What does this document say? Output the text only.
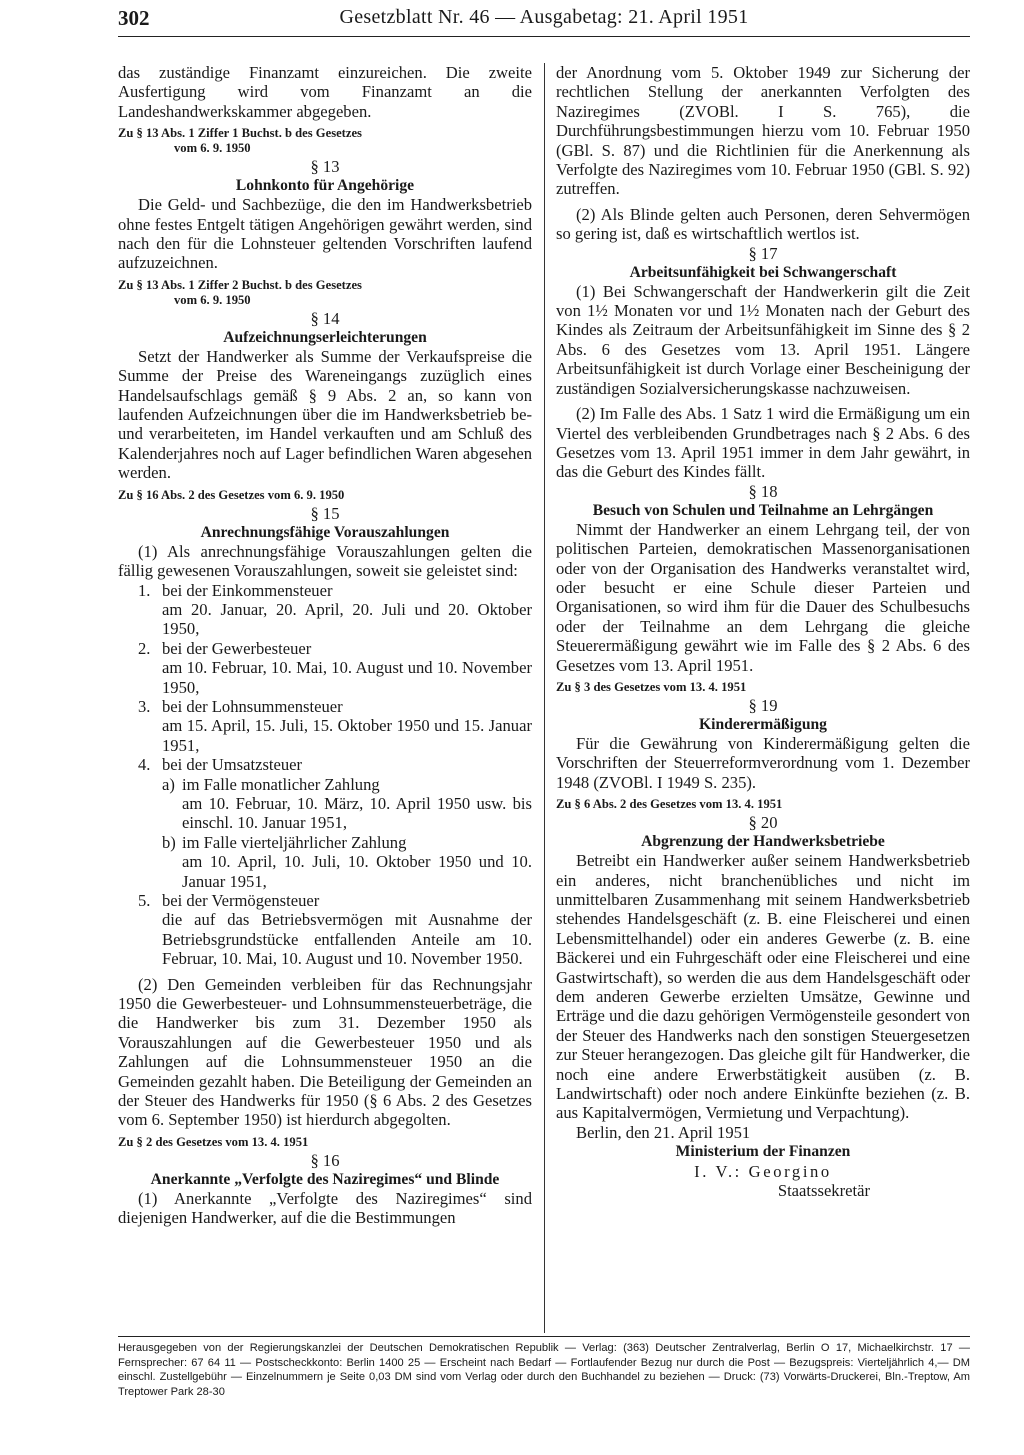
302	Gesetzblatt Nr. 46 — Ausgabetag: 21. April 1951

das zuständige Finanzamt einzureichen. Die zweite Ausfertigung wird vom Finanzamt an die Landeshandwerkskammer abgegeben.

Zu § 13 Abs. 1 Ziffer 1 Buchst. b des Gesetzes
vom 6. 9. 1950

§ 13

Lohnkonto für Angehörige

Die Geld- und Sachbezüge, die den im Handwerksbetrieb ohne festes Entgelt tätigen Angehörigen gewährt werden, sind nach den für die Lohnsteuer geltenden Vorschriften laufend aufzuzeichnen.

Zu § 13 Abs. 1 Ziffer 2 Buchst. b des Gesetzes
vom 6. 9. 1950

§ 14

Aufzeichnungserleichterungen

Setzt der Handwerker als Summe der Verkaufspreise die Summe der Preise des Wareneingangs zuzüglich eines Handelsaufschlags gemäß § 9 Abs. 2 an, so kann von laufenden Aufzeichnungen über die im Handwerksbetrieb be- und verarbeiteten, im Handel verkauften und am Schluß des Kalenderjahres noch auf Lager befindlichen Waren abgesehen werden.

Zu § 16 Abs. 2 des Gesetzes vom 6. 9. 1950

§ 15

Anrechnungsfähige Vorauszahlungen

(1) Als anrechnungsfähige Vorauszahlungen gelten die fällig gewesenen Vorauszahlungen, soweit sie geleistet sind:

1. bei der Einkommensteuer

am 20. Januar, 20. April, 20. Juli und 20. Oktober 1950,

2. bei der Gewerbesteuer

am 10. Februar, 10. Mai, 10. August und 10. November 1950,

3. bei der Lohnsummensteuer

am 15. April, 15. Juli, 15. Oktober 1950 und 15. Januar 1951,

4. bei der Umsatzsteuer

a) im Falle monatlicher Zahlung

am 10. Februar, 10. März, 10. April 1950 usw. bis einschl. 10. Januar 1951,

b) im Falle vierteljährlicher Zahlung

am 10. April, 10. Juli, 10. Oktober 1950 und 10. Januar 1951,

5. bei der Vermögensteuer

die auf das Betriebsvermögen mit Ausnahme der Betriebsgrundstücke entfallenden Anteile am 10. Februar, 10. Mai, 10. August und 10. November 1950.

(2) Den Gemeinden verbleiben für das Rechnungsjahr 1950 die Gewerbesteuer- und Lohnsummensteuerbeträge, die die Handwerker bis zum 31. Dezember 1950 als Vorauszahlungen auf die Gewerbesteuer 1950 und als Zahlungen auf die Lohnsummensteuer 1950 an die Gemeinden gezahlt haben. Die Beteiligung der Gemeinden an der Steuer des Handwerks für 1950 (§ 6 Abs. 2 des Gesetzes vom 6. September 1950) ist hierdurch abgegolten.

Zu § 2 des Gesetzes vom 13. 4. 1951

§ 16

Anerkannte „Verfolgte des Naziregimes“ und Blinde

(1) Anerkannte „Verfolgte des Naziregimes“ sind diejenigen Handwerker, auf die die Bestimmungen

der Anordnung vom 5. Oktober 1949 zur Sicherung der rechtlichen Stellung der anerkannten Verfolgten des Naziregimes (ZVOBl. I S. 765), die Durchführungsbestimmungen hierzu vom 10. Februar 1950 (GBl. S. 87) und die Richtlinien für die Anerkennung als Verfolgte des Naziregimes vom 10. Februar 1950 (GBl. S. 92) zutreffen.

(2) Als Blinde gelten auch Personen, deren Sehvermögen so gering ist, daß es wirtschaftlich wertlos ist.

§ 17

Arbeitsunfähigkeit bei Schwangerschaft

(1) Bei Schwangerschaft der Handwerkerin gilt die Zeit von 1½ Monaten vor und 1½ Monaten nach der Geburt des Kindes als Zeitraum der Arbeitsunfähigkeit im Sinne des § 2 Abs. 6 des Gesetzes vom 13. April 1951. Längere Arbeitsunfähigkeit ist durch Vorlage einer Bescheinigung der zuständigen Sozialversicherungskasse nachzuweisen.

(2) Im Falle des Abs. 1 Satz 1 wird die Ermäßigung um ein Viertel des verbleibenden Grundbetrages nach § 2 Abs. 6 des Gesetzes vom 13. April 1951 immer in dem Jahr gewährt, in das die Geburt des Kindes fällt.

§ 18

Besuch von Schulen und Teilnahme an Lehrgängen

Nimmt der Handwerker an einem Lehrgang teil, der von politischen Parteien, demokratischen Massenorganisationen oder von der Organisation des Handwerks veranstaltet wird, oder besucht er eine Schule dieser Parteien und Organisationen, so wird ihm für die Dauer des Schulbesuchs oder der Teilnahme an dem Lehrgang die gleiche Steuerermäßigung gewährt wie im Falle des § 2 Abs. 6 des Gesetzes vom 13. April 1951.

Zu § 3 des Gesetzes vom 13. 4. 1951

§ 19

Kinderermäßigung

Für die Gewährung von Kinderermäßigung gelten die Vorschriften der Steuerreformverordnung vom 1. Dezember 1948 (ZVOBl. I 1949 S. 235).

Zu § 6 Abs. 2 des Gesetzes vom 13. 4. 1951

§ 20

Abgrenzung der Handwerksbetriebe

Betreibt ein Handwerker außer seinem Handwerksbetrieb ein anderes, nicht branchenübliches und nicht im unmittelbaren Zusammenhang mit seinem Handwerksbetrieb stehendes Handelsgeschäft (z. B. eine Fleischerei und einen Lebensmittelhandel) oder ein anderes Gewerbe (z. B. eine Bäckerei und ein Fuhrgeschäft oder eine Fleischerei und eine Gastwirtschaft), so werden die aus dem Handelsgeschäft oder dem anderen Gewerbe erzielten Umsätze, Gewinne und Erträge und die dazu gehörigen Vermögensteile gesondert von der Steuer des Handwerks nach den sonstigen Steuergesetzen zur Steuer herangezogen. Das gleiche gilt für Handwerker, die noch eine andere Erwerbstätigkeit ausüben (z. B. Landwirtschaft) oder noch andere Einkünfte beziehen (z. B. aus Kapitalvermögen, Vermietung und Verpachtung).

Berlin, den 21. April 1951

Ministerium der Finanzen

I. V.: Georgino

Staatssekretär

Herausgegeben von der Regierungskanzlei der Deutschen Demokratischen Republik — Verlag: (363) Deutscher Zentralverlag, Berlin O 17, Michaelkirchstr. 17 — Fernsprecher: 67 64 11 — Postscheckkonto: Berlin 1400 25 — Erscheint nach Bedarf — Fortlaufender Bezug nur durch die Post — Bezugspreis: Vierteljährlich 4,— DM einschl. Zustellgebühr — Einzelnummern je Seite 0,03 DM sind vom Verlag oder durch den Buchhandel zu beziehen — Druck: (73) Vorwärts-Druckerei, Bln.-Treptow, Am Treptower Park 28-30
